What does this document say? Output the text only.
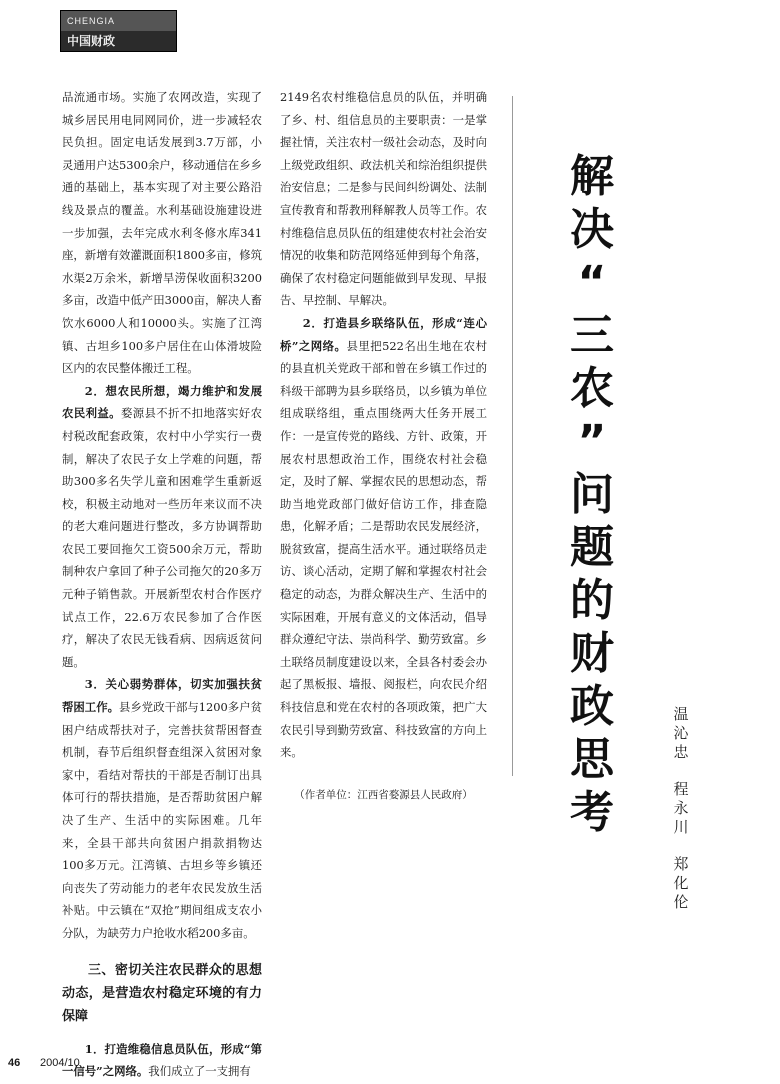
CHENGIA
中国财政

品流通市场。实施了农网改造，实现了城乡居民用电同网同价，进一步减轻农民负担。固定电话发展到3.7万部，小灵通用户达5300余户，移动通信在乡乡通的基础上，基本实现了对主要公路沿线及景点的覆盖。水利基础设施建设进一步加强，去年完成水利冬修水库341座，新增有效灌溉面积1800多亩，修筑水渠2万余米，新增旱涝保收面积3200多亩，改造中低产田3000亩，解决人畜饮水6000人和10000头。实施了江湾镇、古坦乡100多户居住在山体滑坡险区内的农民整体搬迁工程。

2．想农民所想，竭力维护和发展农民利益。婺源县不折不扣地落实好农村税改配套政策，农村中小学实行一费制，解决了农民子女上学难的问题，帮助300多名失学儿童和困难学生重新返校，积极主动地对一些历年来议而不决的老大难问题进行整改，多方协调帮助农民工要回拖欠工资500余万元，帮助制种农户拿回了种子公司拖欠的20多万元种子销售款。开展新型农村合作医疗试点工作，22.6万农民参加了合作医疗，解决了农民无钱看病、因病返贫问题。

3．关心弱势群体，切实加强扶贫帮困工作。县乡党政干部与1200多户贫困户结成帮扶对子，完善扶贫帮困督查机制，春节后组织督查组深入贫困对象家中，看结对帮扶的干部是否制订出具体可行的帮扶措施，是否帮助贫困户解决了生产、生活中的实际困难。几年来，全县干部共向贫困户捐款捐物达100多万元。江湾镇、古坦乡等乡镇还向丧失了劳动能力的老年农民发放生活补贴。中云镇在“双抢”期间组成支农小分队，为缺劳力户抢收水稻200多亩。

三、密切关注农民群众的思想动态，是营造农村稳定环境的有力保障

1．打造维稳信息员队伍，形成“第一信号”之网络。我们成立了一支拥有

2149名农村维稳信息员的队伍，并明确了乡、村、组信息员的主要职责：一是掌握社情，关注农村一级社会动态，及时向上级党政组织、政法机关和综治组织提供治安信息；二是参与民间纠纷调处、法制宣传教育和帮教刑释解教人员等工作。农村维稳信息员队伍的组建使农村社会治安情况的收集和防范网络延伸到每个角落，确保了农村稳定问题能做到早发现、早报告、早控制、早解决。

2．打造县乡联络队伍，形成“连心桥”之网络。县里把522名出生地在农村的县直机关党政干部和曾在乡镇工作过的科级干部聘为县乡联络员，以乡镇为单位组成联络组，重点围绕两大任务开展工作：一是宣传党的路线、方针、政策，开展农村思想政治工作，围绕农村社会稳定，及时了解、掌握农民的思想动态，帮助当地党政部门做好信访工作，排查隐患，化解矛盾；二是帮助农民发展经济，脱贫致富，提高生活水平。通过联络员走访、谈心活动，定期了解和掌握农村社会稳定的动态，为群众解决生产、生活中的实际困难，开展有意义的文体活动，倡导群众遵纪守法、崇尚科学、勤劳致富。乡土联络员制度建设以来，全县各村委会办起了黑板报、墙报、阅报栏，向农民介绍科技信息和党在农村的各项政策，把广大农民引导到勤劳致富、科技致富的方向上来。

（作者单位：江西省婺源县人民政府）

解
决
“
三
农
”
问
题
的
财
政
思
考
温
沁
忠
程
永
川
郑
化
伦
46 2004/10
